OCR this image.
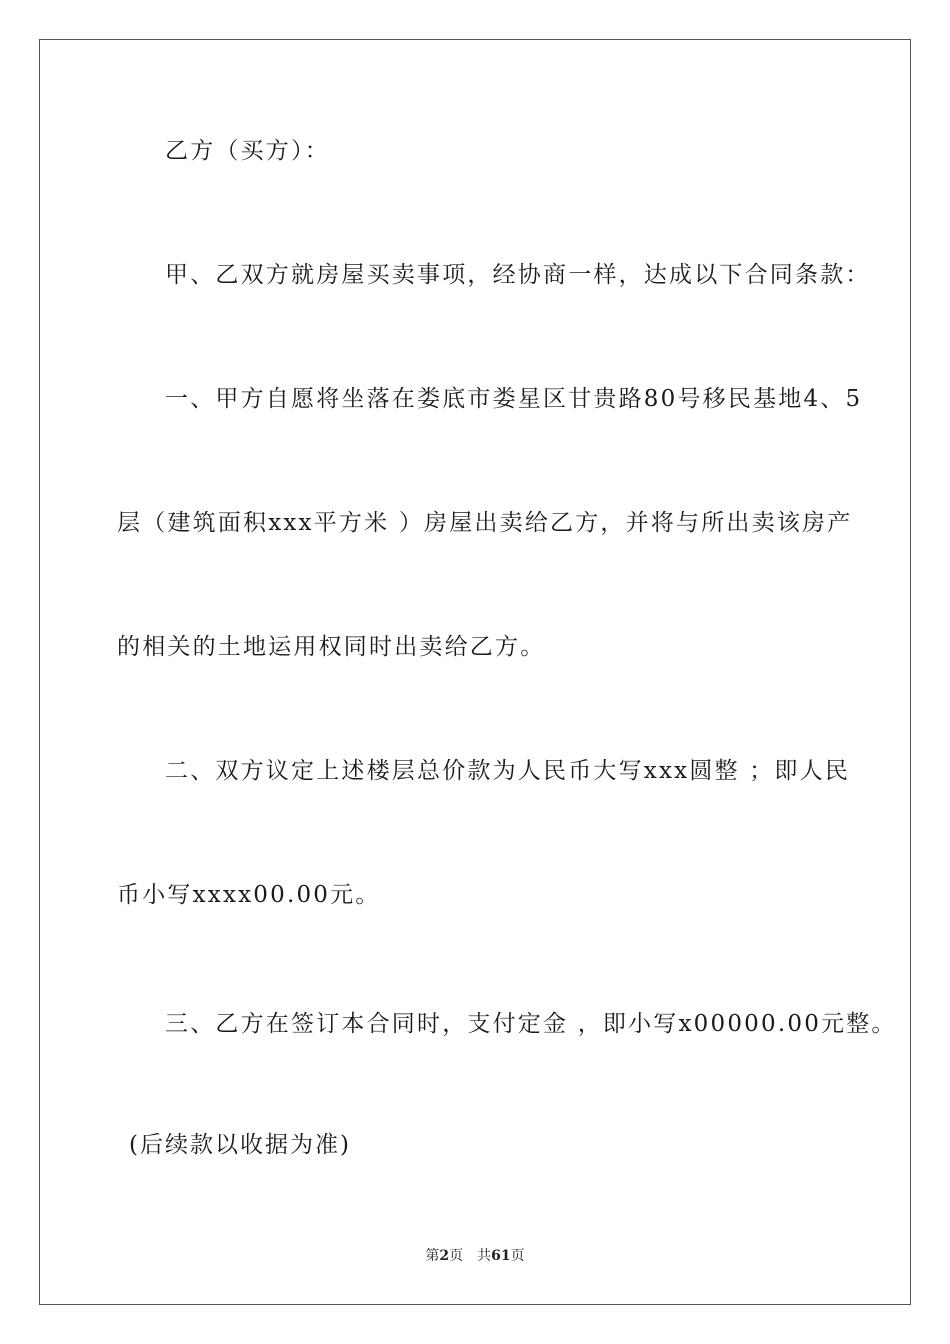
乙方（买方）：
甲、乙双方就房屋买卖事项，经协商一样，达成以下合同条款：
一、甲方自愿将坐落在娄底市娄星区甘贵路80号移民基地4、5
层（建筑面积xxx平方米 ）房屋出卖给乙方，并将与所出卖该房产
的相关的土地运用权同时出卖给乙方。
二、双方议定上述楼层总价款为人民币大写xxx圆整 ；即人民
币小写xxxx00.00元。
三、乙方在签订本合同时，支付定金 ，即小写x00000.00元整。
(后续款以收据为准)
第2页 共61页
